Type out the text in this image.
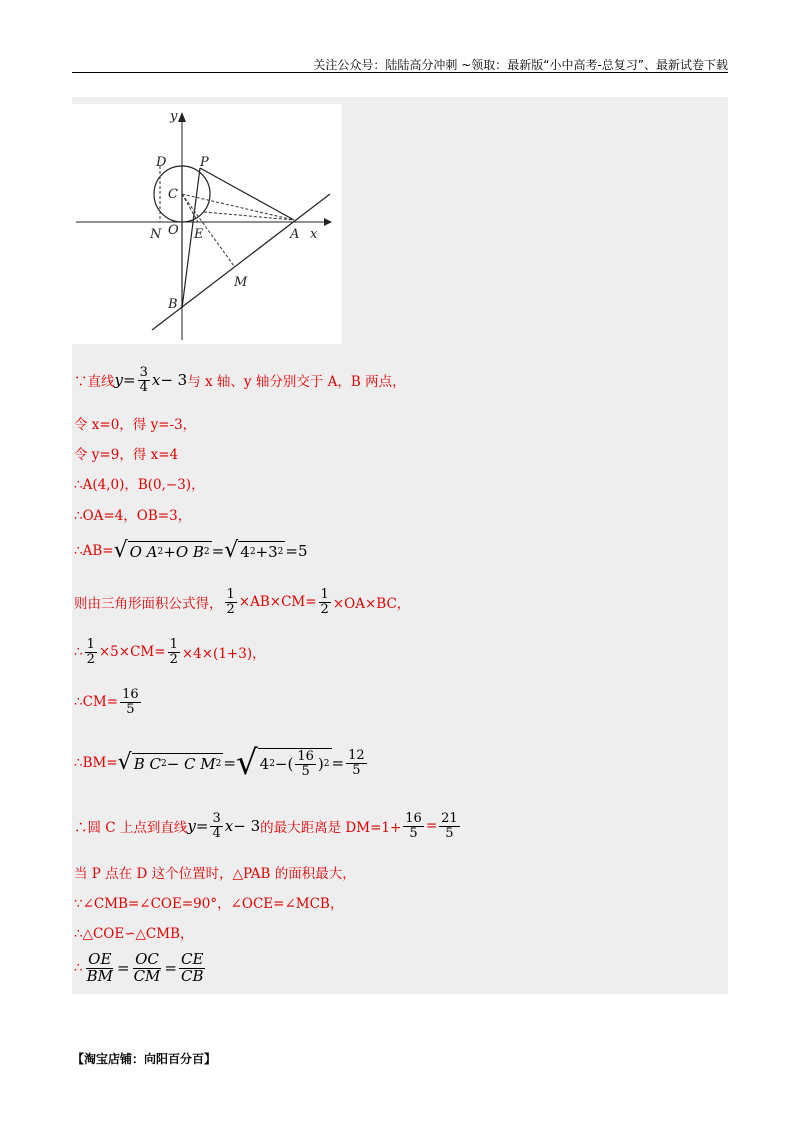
关注公众号：陆陆高分冲刺 ~领取：最新版“小中高考-总复习”、最新试卷下载
y
x
D	P
C
N O E	A
M
B
∵直线 $y = \frac{3}{4}$ x − 3 与 x 轴、y 轴分别交于 A，B 两点，
令 x=0，得 y=-3，
令 y=9，得 x=4
∴A(4,0)，B(0,−3)，
∴OA=4，OB=3，
∴AB= √ O A 2 + O B 2 = √ 4 2 + 3 2 =5
则由三角形面积公式得， $\frac{1}{2} \times AB\times CM= \frac{1}{2} \times OA\times BC$，
∴ $\frac{1}{2} \times 5\times CM= \frac{1}{2} \times 4\times(1+3)$，
∴CM= $\frac{16}{5}$
∴BM= √ B C 2 − C M 2 = √ 4 2 − ( $\frac{16}{5}$ ) $2 = \frac{12}{5}$
∴圆 C 上点到直线 $y = \frac{3}{4}$ x − 3 的最大距离是 $DM=1+ \frac{16}{5} = \frac{21}{5}$
当 P 点在 D 这个位置时，△PAB 的面积最大，
∵∠CMB=∠COE=90°，∠OCE=∠MCB，
∴△COE∽△CMB，
∴ $\frac{OE}{BM} = \frac{OC}{CM} = \frac{CE}{CB}$
【淘宝店铺：向阳百分百】
